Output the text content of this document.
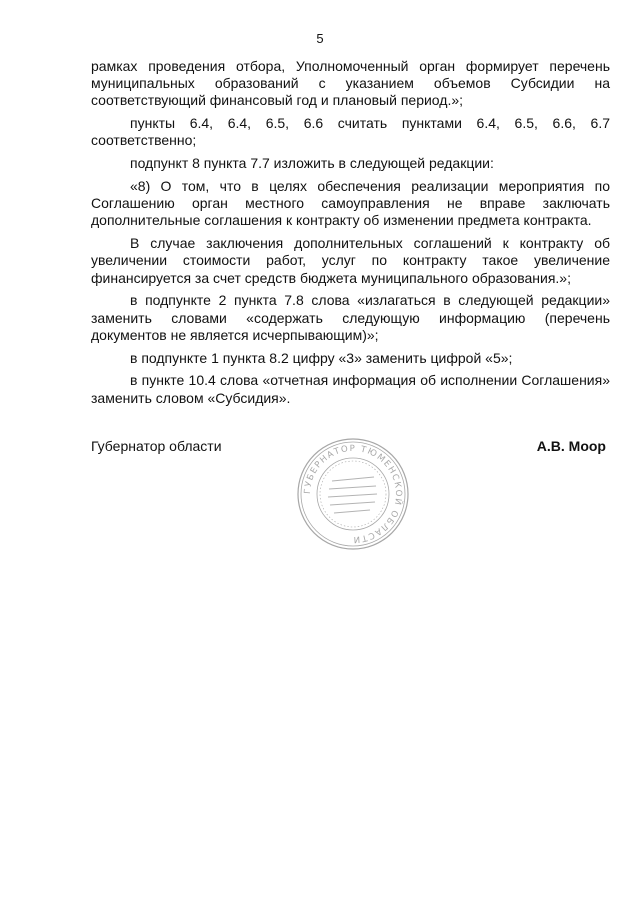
5

рамках проведения отбора, Уполномоченный орган формирует перечень муниципальных образований с указанием объемов Субсидии на соответствующий финансовый год и плановый период.»;

пункты 6.4, 6.4, 6.5, 6.6 считать пунктами 6.4, 6.5, 6.6, 6.7 соответственно;

подпункт 8 пункта 7.7 изложить в следующей редакции:

«8) О том, что в целях обеспечения реализации мероприятия по Соглашению орган местного самоуправления не вправе заключать дополнительные соглашения к контракту об изменении предмета контракта.

В случае заключения дополнительных соглашений к контракту об увеличении стоимости работ, услуг по контракту такое увеличение финансируется за счет средств бюджета муниципального образования.»;

в подпункте 2 пункта 7.8 слова «излагаться в следующей редакции» заменить словами «содержать следующую информацию (перечень документов не является исчерпывающим)»;

в подпункте 1 пункта 8.2 цифру «3» заменить цифрой «5»;

в пункте 10.4 слова «отчетная информация об исполнении Соглашения» заменить словом «Субсидия».

Губернатор области	А.В. Моор
ГУБЕРНАТОР ТЮМЕНСКОЙ ОБЛАСТИ
